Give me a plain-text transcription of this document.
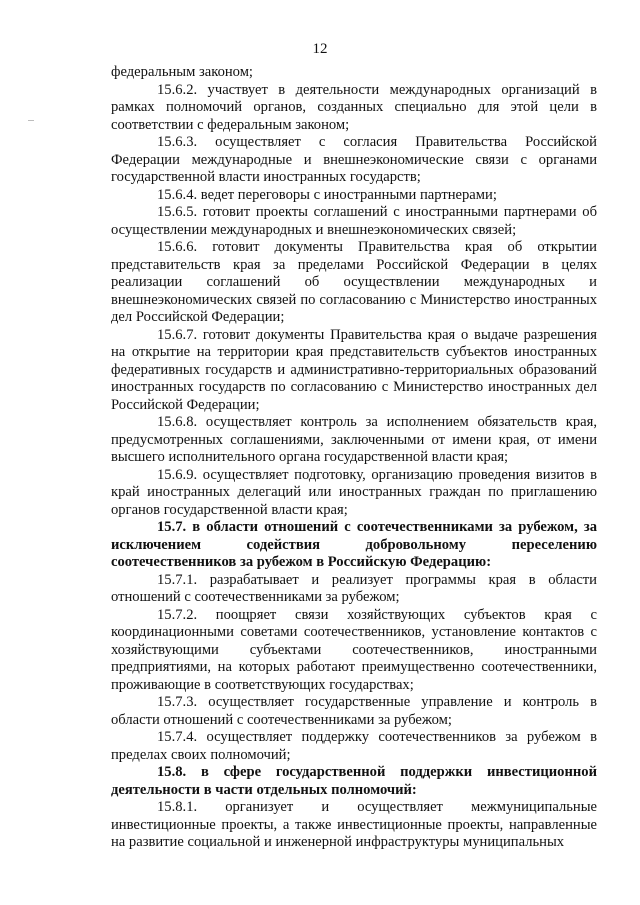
12

федеральным законом;

15.6.2. участвует в деятельности международных организаций в рамках полномочий органов, созданных специально для этой цели в соответствии с федеральным законом;

15.6.3. осуществляет с согласия Правительства Российской Федерации международные и внешнеэкономические связи с органами государственной власти иностранных государств;

15.6.4. ведет переговоры с иностранными партнерами;

15.6.5. готовит проекты соглашений с иностранными партнерами об осуществлении международных и внешнеэкономических связей;

15.6.6. готовит документы Правительства края об открытии представительств края за пределами Российской Федерации в целях реализации соглашений об осуществлении международных и внешнеэкономических связей по согласованию с Министерство иностранных дел Российской Федерации;

15.6.7. готовит документы Правительства края о выдаче разрешения на открытие на территории края представительств субъектов иностранных федеративных государств и административно-территориальных образований иностранных государств по согласованию с Министерство иностранных дел Российской Федерации;

15.6.8. осуществляет контроль за исполнением обязательств края, предусмотренных соглашениями, заключенными от имени края, от имени высшего исполнительного органа государственной власти края;

15.6.9. осуществляет подготовку, организацию проведения визитов в край иностранных делегаций или иностранных граждан по приглашению органов государственной власти края;

15.7. в области отношений с соотечественниками за рубежом, за исключением содействия добровольному переселению соотечественников за рубежом в Российскую Федерацию:

15.7.1. разрабатывает и реализует программы края в области отношений с соотечественниками за рубежом;

15.7.2. поощряет связи хозяйствующих субъектов края с координационными советами соотечественников, установление контактов с хозяйствующими субъектами соотечественников, иностранными предприятиями, на которых работают преимущественно соотечественники, проживающие в соответствующих государствах;

15.7.3. осуществляет государственные управление и контроль в области отношений с соотечественниками за рубежом;

15.7.4. осуществляет поддержку соотечественников за рубежом в пределах своих полномочий;

15.8. в сфере государственной поддержки инвестиционной деятельности в части отдельных полномочий:

15.8.1. организует и осуществляет межмуниципальные инвестиционные проекты, а также инвестиционные проекты, направленные на развитие социальной и инженерной инфраструктуры муниципальных
